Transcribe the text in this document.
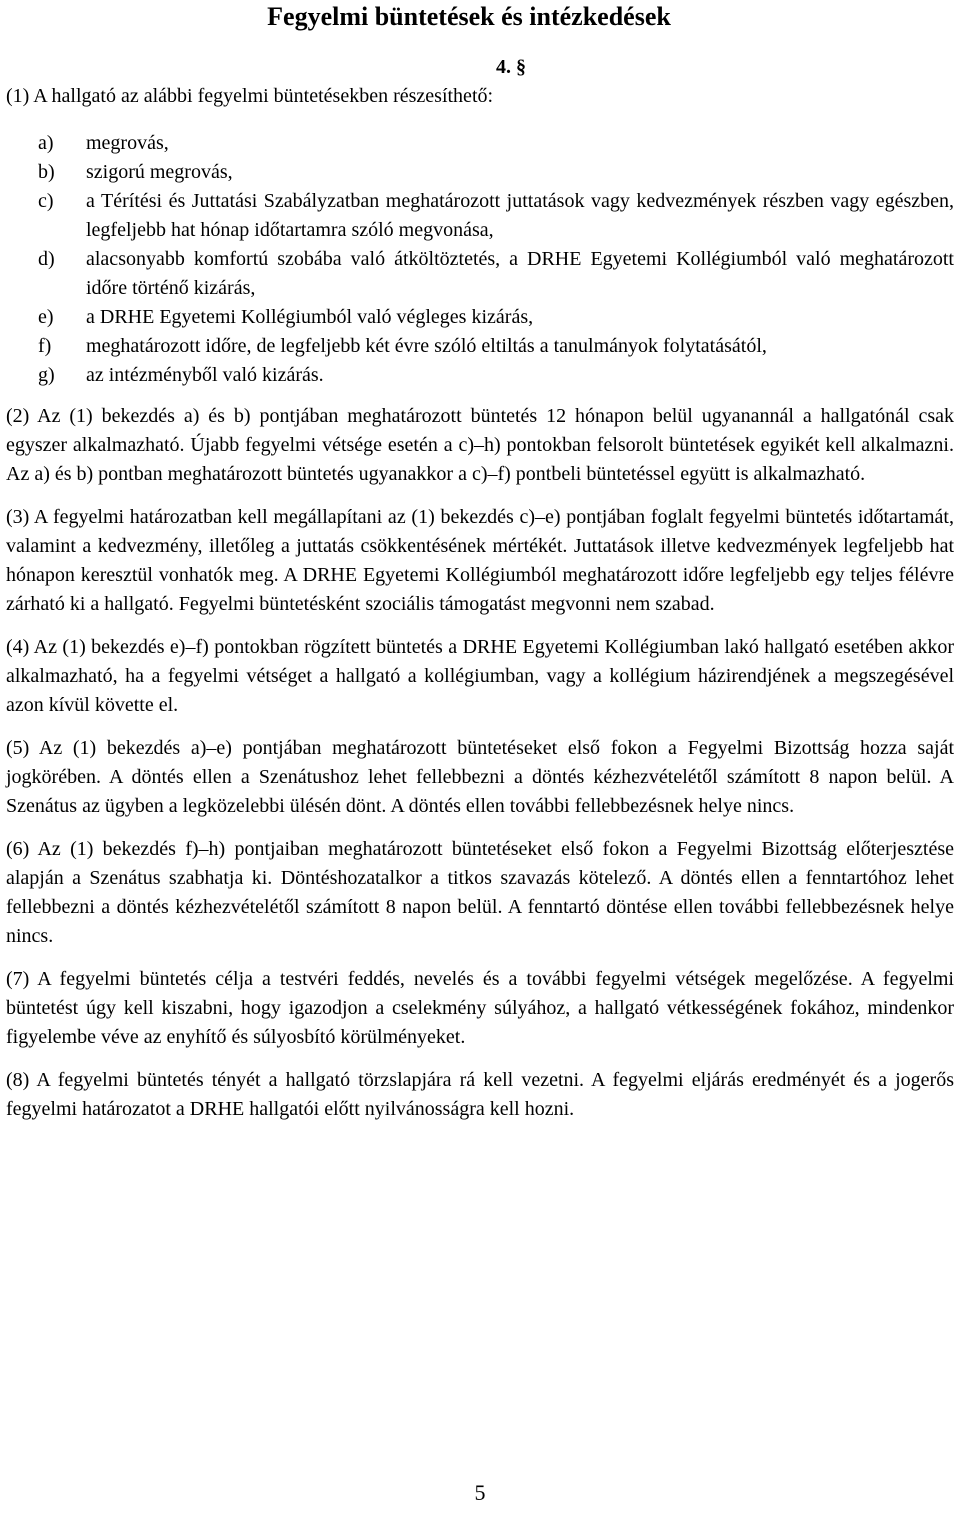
Fegyelmi büntetések és intézkedések
4. §

(1) A hallgató az alábbi fegyelmi büntetésekben részesíthető:

a) megrovás,
b) szigorú megrovás,
c) a Térítési és Juttatási Szabályzatban meghatározott juttatások vagy kedvezmények részben vagy egészben, legfeljebb hat hónap időtartamra szóló megvonása,
d) alacsonyabb komfortú szobába való átköltöztetés, a DRHE Egyetemi Kollégiumból való meghatározott időre történő kizárás,
e) a DRHE Egyetemi Kollégiumból való végleges kizárás,
f) meghatározott időre, de legfeljebb két évre szóló eltiltás a tanulmányok folytatásától,
g) az intézményből való kizárás.

(2) Az (1) bekezdés a) és b) pontjában meghatározott büntetés 12 hónapon belül ugyanannál a hallgatónál csak egyszer alkalmazható. Újabb fegyelmi vétsége esetén a c)–h) pontokban felsorolt büntetések egyikét kell alkalmazni. Az a) és b) pontban meghatározott büntetés ugyanakkor a c)–f) pontbeli büntetéssel együtt is alkalmazható.

(3) A fegyelmi határozatban kell megállapítani az (1) bekezdés c)–e) pontjában foglalt fegyelmi büntetés időtartamát, valamint a kedvezmény, illetőleg a juttatás csökkentésének mértékét. Juttatások illetve kedvezmények legfeljebb hat hónapon keresztül vonhatók meg. A DRHE Egyetemi Kollégiumból meghatározott időre legfeljebb egy teljes félévre zárható ki a hallgató. Fegyelmi büntetésként szociális támogatást megvonni nem szabad.

(4) Az (1) bekezdés e)–f) pontokban rögzített büntetés a DRHE Egyetemi Kollégiumban lakó hallgató esetében akkor alkalmazható, ha a fegyelmi vétséget a hallgató a kollégiumban, vagy a kollégium házirendjének a megszegésével azon kívül követte el.

(5) Az (1) bekezdés a)–e) pontjában meghatározott büntetéseket első fokon a Fegyelmi Bizottság hozza saját jogkörében. A döntés ellen a Szenátushoz lehet fellebbezni a döntés kézhezvételétől számított 8 napon belül. A Szenátus az ügyben a legközelebbi ülésén dönt. A döntés ellen további fellebbezésnek helye nincs.

(6) Az (1) bekezdés f)–h) pontjaiban meghatározott büntetéseket első fokon a Fegyelmi Bizottság előterjesztése alapján a Szenátus szabhatja ki. Döntéshozatalkor a titkos szavazás kötelező. A döntés ellen a fenntartóhoz lehet fellebbezni a döntés kézhezvételétől számított 8 napon belül. A fenntartó döntése ellen további fellebbezésnek helye nincs.

(7) A fegyelmi büntetés célja a testvéri feddés, nevelés és a további fegyelmi vétségek megelőzése. A fegyelmi büntetést úgy kell kiszabni, hogy igazodjon a cselekmény súlyához, a hallgató vétkességének fokához, mindenkor figyelembe véve az enyhítő és súlyosbító körülményeket.

(8) A fegyelmi büntetés tényét a hallgató törzslapjára rá kell vezetni. A fegyelmi eljárás eredményét és a jogerős fegyelmi határozatot a DRHE hallgatói előtt nyilvánosságra kell hozni.

5
